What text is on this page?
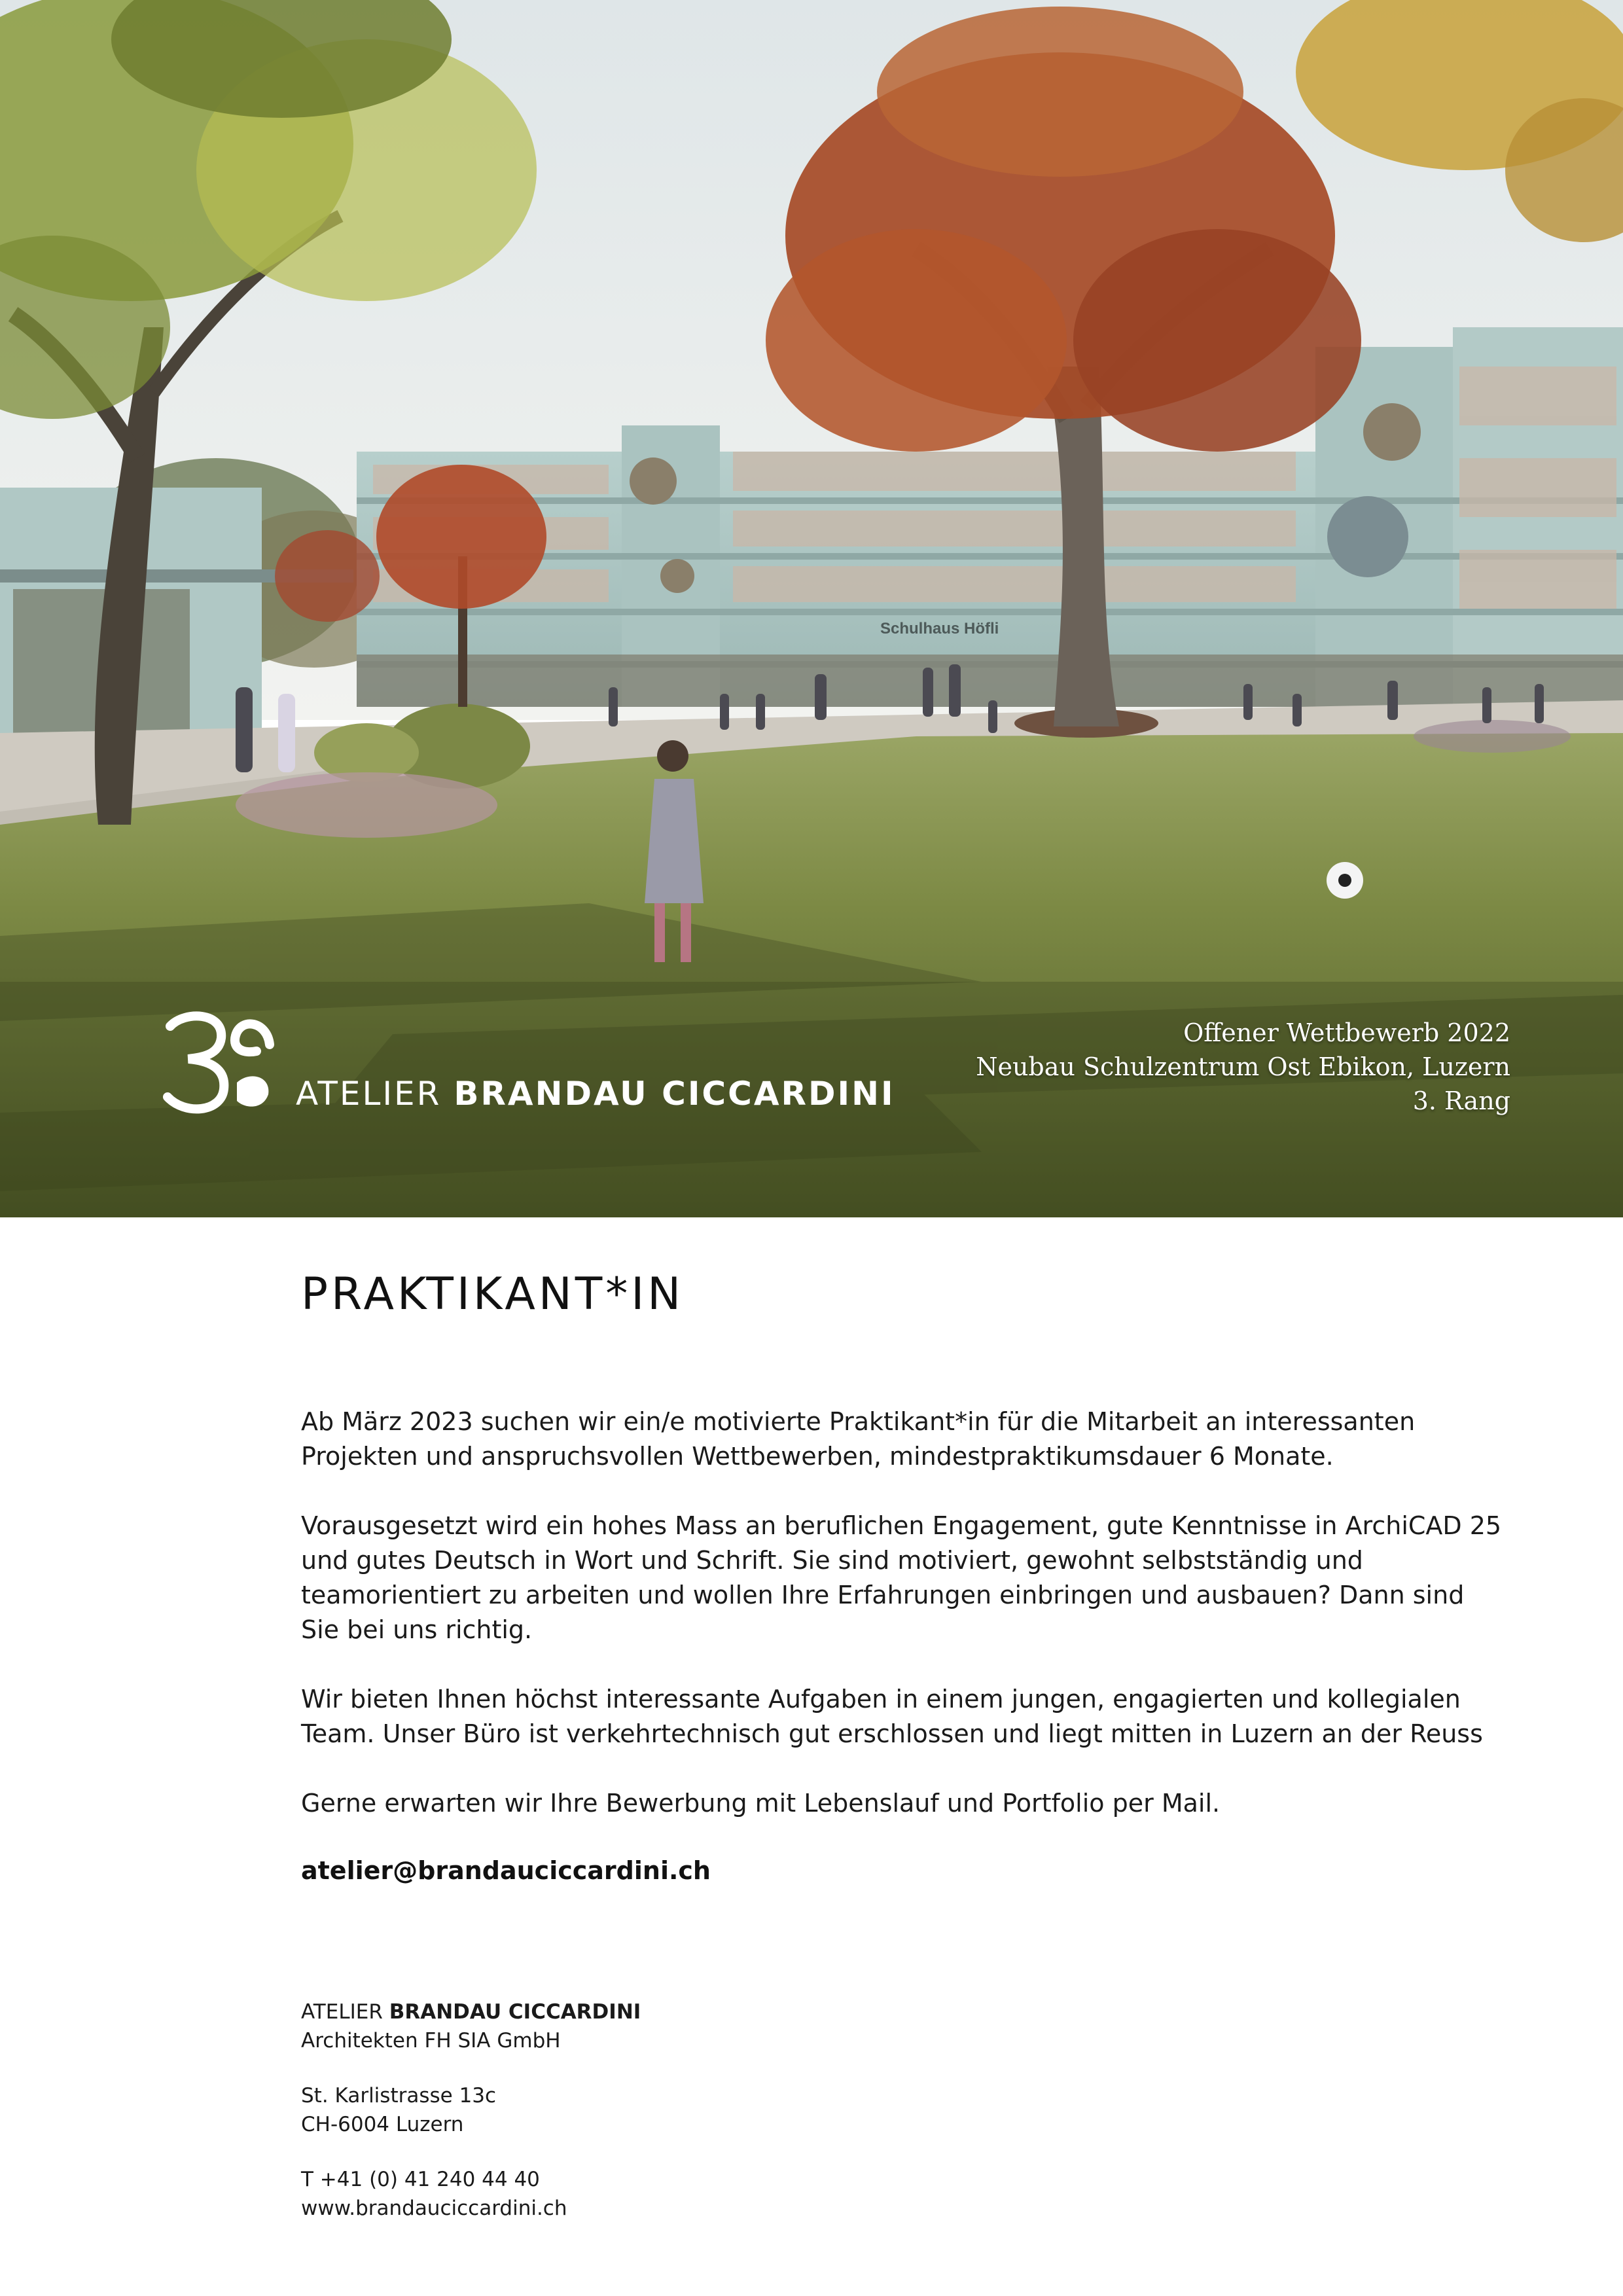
Schulhaus Höfli
ATELIER BRANDAU CICCARDINI
Offener Wettbewerb 2022
Neubau Schulzentrum Ost Ebikon, Luzern
3. Rang
PRAKTIKANT*IN

Ab März 2023 suchen wir ein/e motivierte Praktikant*in für die Mitarbeit an interessanten Projekten und anspruchsvollen Wettbewerben, mindestpraktikumsdauer 6 Monate.

Vorausgesetzt wird ein hohes Mass an beruflichen Engagement, gute Kenntnisse in ArchiCAD 25 und gutes Deutsch in Wort und Schrift. Sie sind motiviert, gewohnt selbstständig und teamorientiert zu arbeiten und wollen Ihre Erfahrungen einbringen und ausbauen? Dann sind Sie bei uns richtig.

Wir bieten Ihnen höchst interessante Aufgaben in einem jungen, engagierten und kollegialen Team. Unser Büro ist verkehrtechnisch gut erschlossen und liegt mitten in Luzern an der Reuss

Gerne erwarten wir Ihre Bewerbung mit Lebenslauf und Portfolio per Mail.

atelier@brandauciccardini.ch
ATELIER BRANDAU CICCARDINI
Architekten FH SIA GmbH
St. Karlistrasse 13c
CH-6004 Luzern
T +41 (0) 41 240 44 40
www.brandauciccardini.ch
